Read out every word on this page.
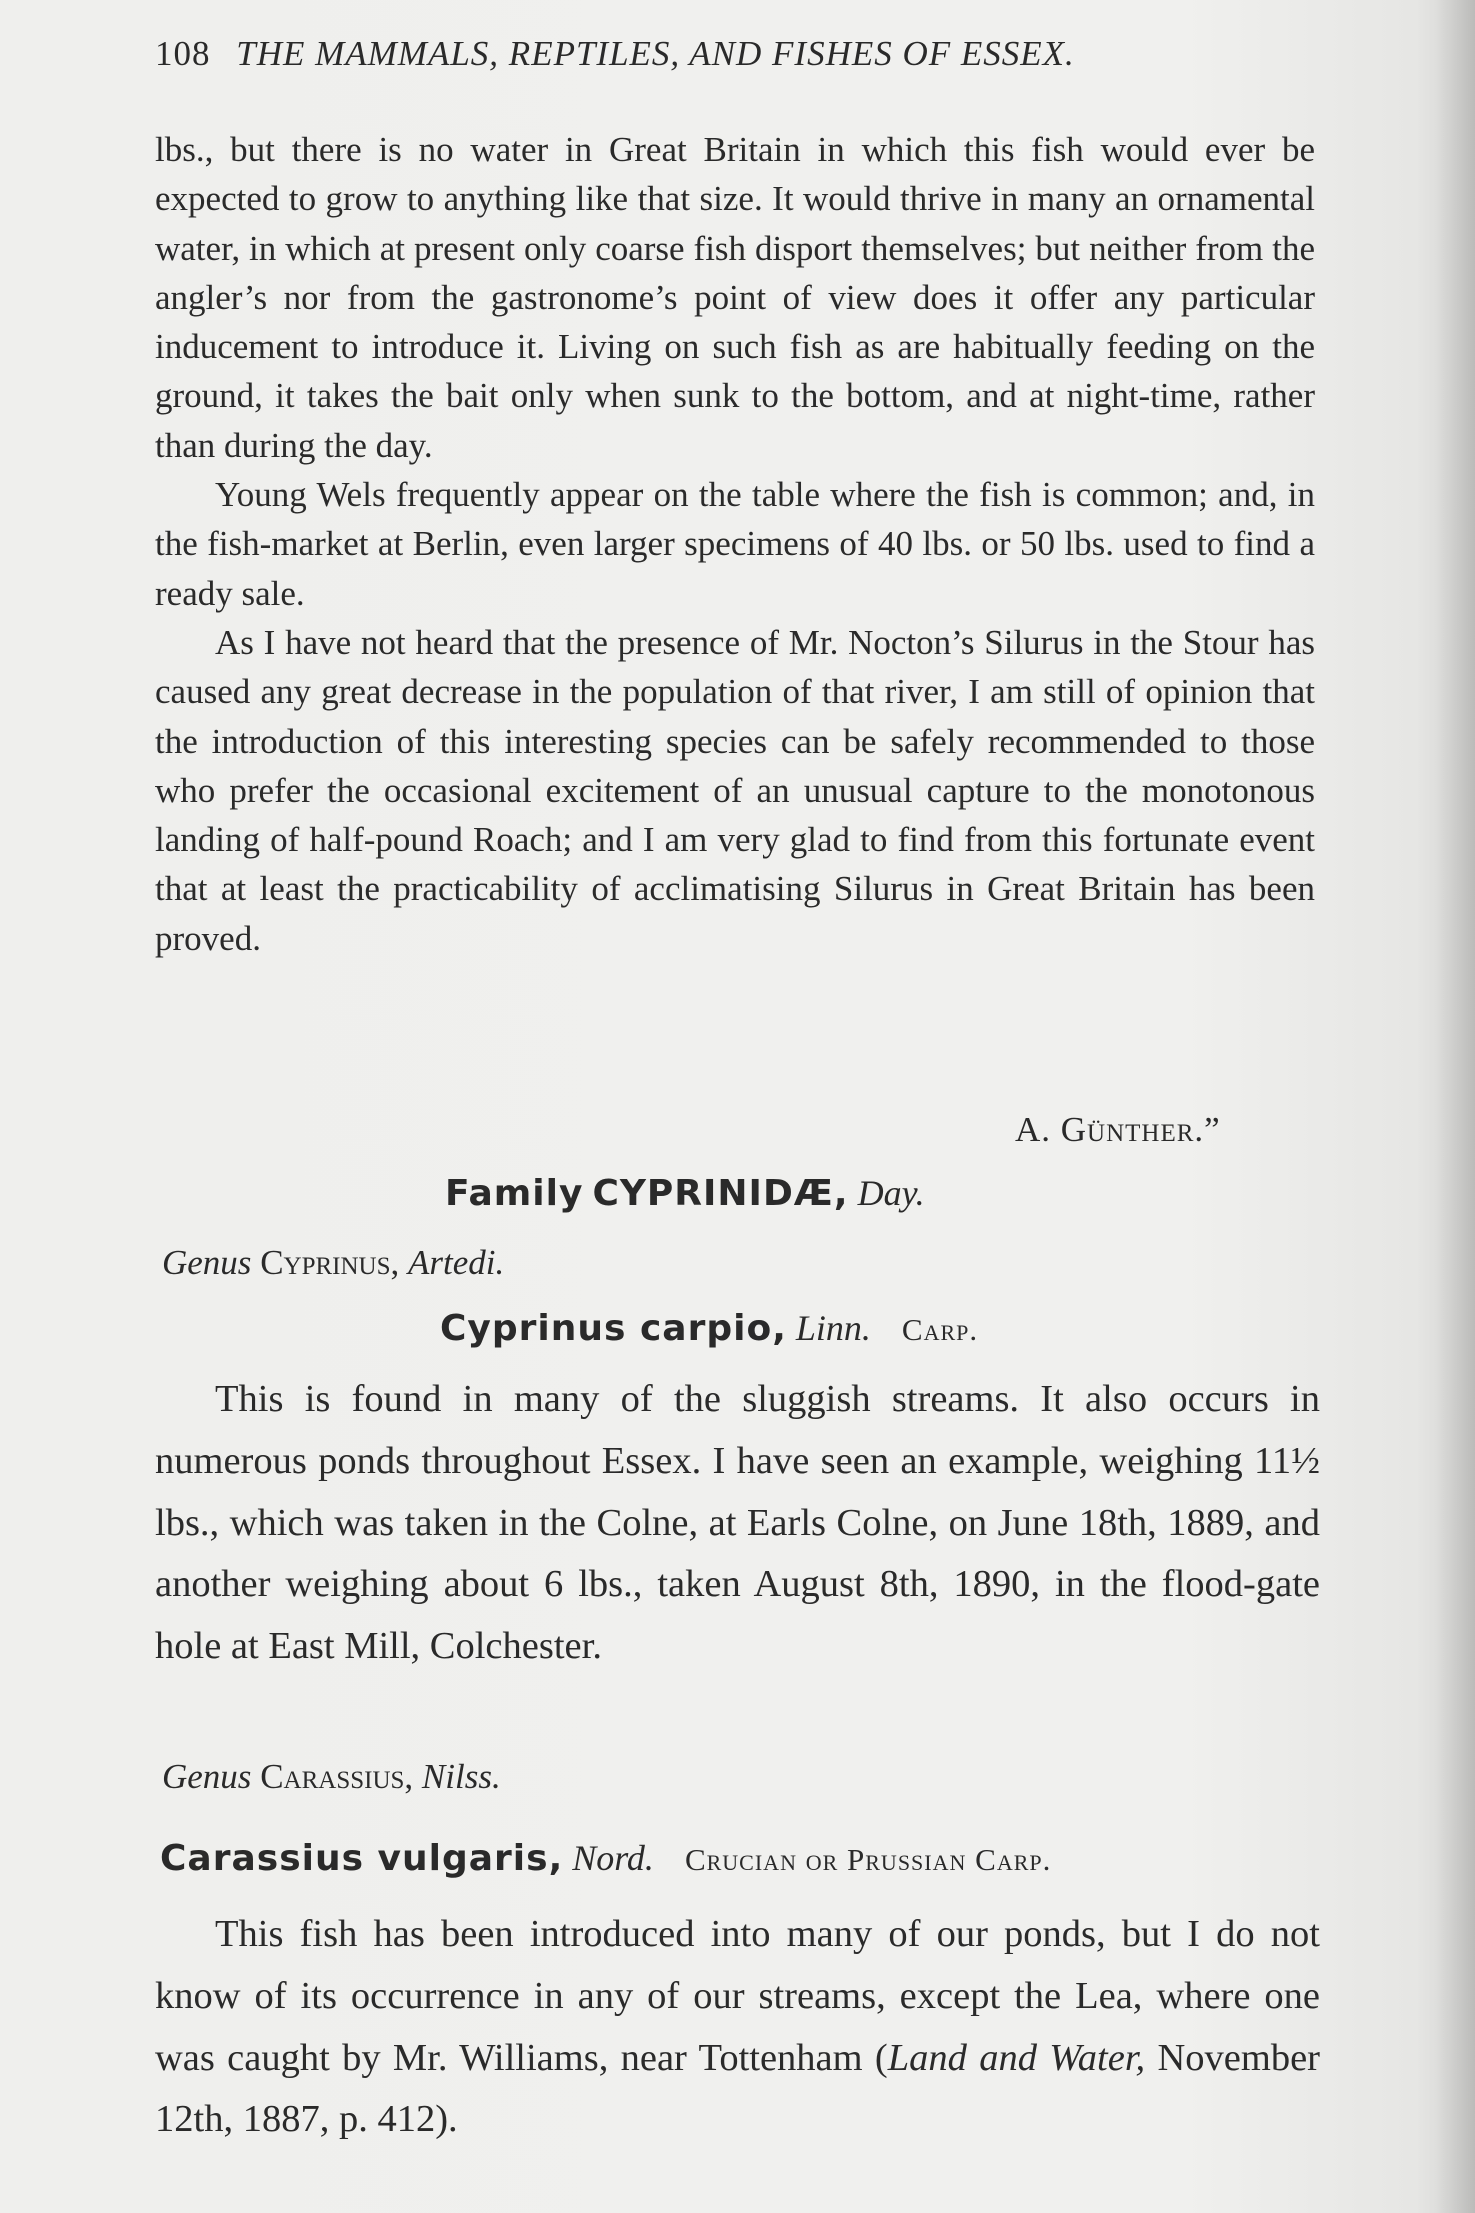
108 THE MAMMALS, REPTILES, AND FISHES OF ESSEX.

lbs., but there is no water in Great Britain in which this fish would ever be expected to grow to anything like that size. It would thrive in many an ornamental water, in which at present only coarse fish disport themselves; but neither from the angler’s nor from the gastronome’s point of view does it offer any particular inducement to introduce it. Living on such fish as are habitually feeding on the ground, it takes the bait only when sunk to the bottom, and at night-time, rather than during the day.

Young Wels frequently appear on the table where the fish is common; and, in the fish-market at Berlin, even larger specimens of 40 lbs. or 50 lbs. used to find a ready sale.

As I have not heard that the presence of Mr. Nocton’s Silurus in the Stour has caused any great decrease in the population of that river, I am still of opinion that the introduction of this interesting species can be safely recommended to those who prefer the occasional excitement of an unusual capture to the monotonous landing of half-pound Roach; and I am very glad to find from this fortunate event that at least the practicability of acclimatising Silurus in Great Britain has been proved.

A. Günther.”
Family CYPRINIDÆ, Day.
Genus Cyprinus, Artedi.
Cyprinus carpio, Linn. Carp.

This is found in many of the sluggish streams. It also occurs in numerous ponds throughout Essex. I have seen an example, weighing 11½ lbs., which was taken in the Colne, at Earls Colne, on June 18th, 1889, and another weighing about 6 lbs., taken August 8th, 1890, in the flood-gate hole at East Mill, Colchester.

Genus Carassius, Nilss.
Carassius vulgaris, Nord. Crucian or Prussian Carp.

This fish has been introduced into many of our ponds, but I do not know of its occurrence in any of our streams, except the Lea, where one was caught by Mr. Williams, near Tottenham (Land and Water, November 12th, 1887, p. 412).
